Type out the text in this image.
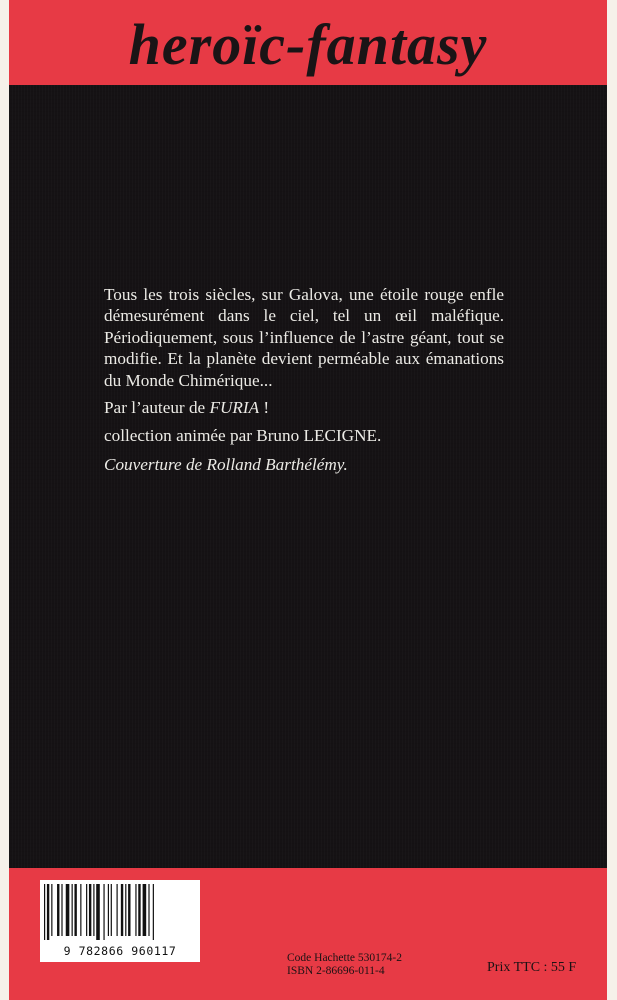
heroïc-fantasy
9 782866 960117	Code Hachette 530174-2
ISBN 2-86696-011-4	Prix TTC : 55 F

Tous les trois siècles, sur Galova, une étoile rouge enfle démesurément dans le ciel, tel un œil maléfique. Périodiquement, sous l’influence de l’astre géant, tout se modifie. Et la planète devient perméable aux émanations du Monde Chimérique...

Par l’auteur de FURIA !

collection animée par Bruno LECIGNE.

Couverture de Rolland Barthélémy.
